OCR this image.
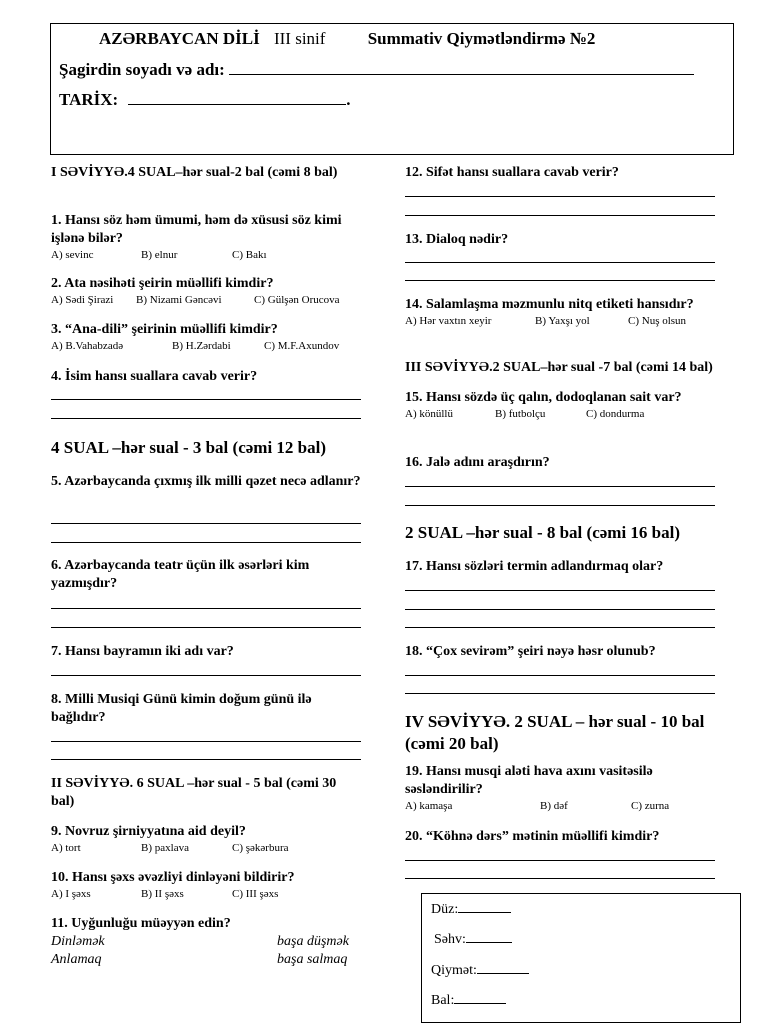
AZƏRBAYCAN DİLİ III sinif Summativ Qiymətləndirmə №2
Şagirdin soyadı və adı:
TARİX:	.
I SƏVİYYƏ.4 SUAL–hər sual-2 bal (cəmi 8 bal)
1. Hansı söz həm ümumi, həm də xüsusi söz kimi işlənə bilər?
A) sevinc	B) elnur	C) Bakı
2. Ata nəsihəti şeirin müəllifi kimdir?
A) Sədi Şirazi B) Nizami Gəncəvi	C) Gülşən Orucova
3. “Ana-dili” şeirinin müəllifi kimdir?
A) B.Vahabzadə	B) H.Zərdabi	C) M.F.Axundov
4. İsim hansı suallara cavab verir?
4 SUAL –hər sual - 3 bal (cəmi 12 bal)
5. Azərbaycanda çıxmış ilk milli qəzet necə adlanır?
6. Azərbaycanda teatr üçün ilk əsərləri kim yazmışdır?
7. Hansı bayramın iki adı var?
8. Milli Musiqi Günü kimin doğum günü ilə bağlıdır?
II SƏVİYYƏ. 6 SUAL –hər sual - 5 bal (cəmi 30 bal)
9. Novruz şirniyyatına aid deyil?
A) tort	B) paxlava	C) şəkərbura
10. Hansı şəxs əvəzliyi dinləyəni bildirir?
A) I şəxs	B) II şəxs	C) III şəxs
11. Uyğunluğu müəyyən edin?
Dinləmək	başa düşmək
Anlamaq	başa salmaq
12. Sifət hansı suallara cavab verir?
13. Dialoq nədir?
14. Salamlaşma məzmunlu nitq etiketi hansıdır?
A) Hər vaxtın xeyir	B) Yaxşı yol	C) Nuş olsun
III SƏVİYYƏ.2 SUAL–hər sual -7 bal (cəmi 14 bal)
15. Hansı sözdə üç qalın, dodoqlanan sait var?
A) könüllü	B) futbolçu	C) dondurma
16. Jalə adını araşdırın?
2 SUAL –hər sual - 8 bal (cəmi 16 bal)
17. Hansı sözləri termin adlandırmaq olar?
18. “Çox sevirəm” şeiri nəyə həsr olunub?
IV SƏVİYYƏ. 2 SUAL – hər sual - 10 bal (cəmi 20 bal)
19. Hansı musqi aləti hava axını vasitəsilə səsləndirilir?
A) kamaşa	B) dəf	C) zurna
20. “Köhnə dərs” mətinin müəllifi kimdir?
Düz:
Səhv:
Qiymət:
Bal:
